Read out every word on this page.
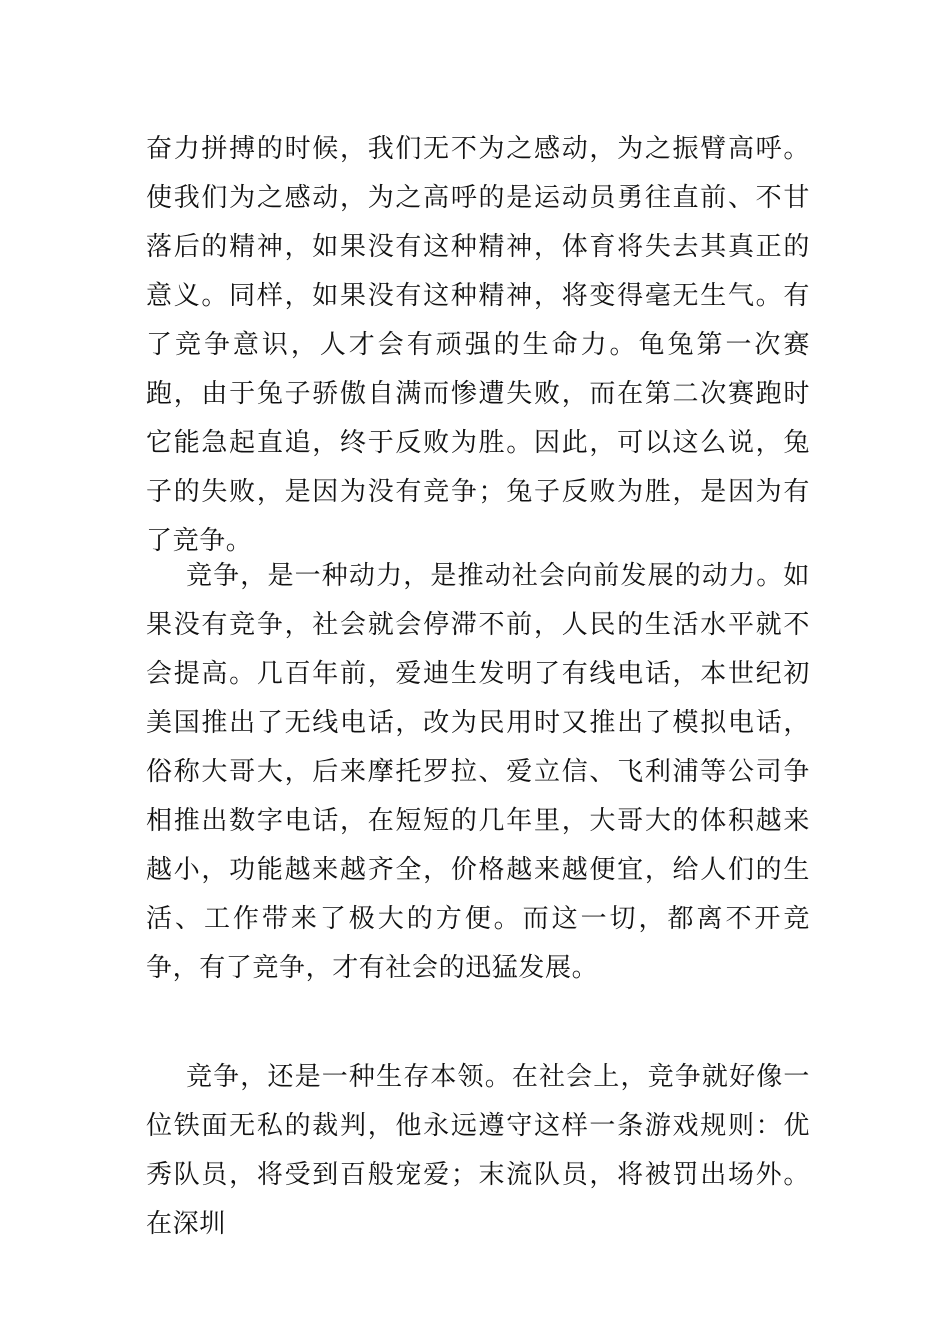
奋力拼搏的时候，我们无不为之感动，为之振臂高呼。使我们为之感动，为之高呼的是运动员勇往直前、不甘落后的精神，如果没有这种精神，体育将失去其真正的意义。同样，如果没有这种精神，将变得毫无生气。有了竞争意识，人才会有顽强的生命力。龟兔第一次赛跑，由于兔子骄傲自满而惨遭失败，而在第二次赛跑时它能急起直追，终于反败为胜。因此，可以这么说，兔子的失败，是因为没有竞争；兔子反败为胜，是因为有了竞争。

竞争，是一种动力，是推动社会向前发展的动力。如果没有竞争，社会就会停滞不前，人民的生活水平就不会提高。几百年前，爱迪生发明了有线电话，本世纪初美国推出了无线电话，改为民用时又推出了模拟电话，俗称大哥大，后来摩托罗拉、爱立信、飞利浦等公司争相推出数字电话，在短短的几年里，大哥大的体积越来越小，功能越来越齐全，价格越来越便宜，给人们的生活、工作带来了极大的方便。而这一切，都离不开竞争，有了竞争，才有社会的迅猛发展。

竞争，还是一种生存本领。在社会上，竞争就好像一位铁面无私的裁判，他永远遵守这样一条游戏规则：优秀队员，将受到百般宠爱；末流队员，将被罚出场外。在深圳
